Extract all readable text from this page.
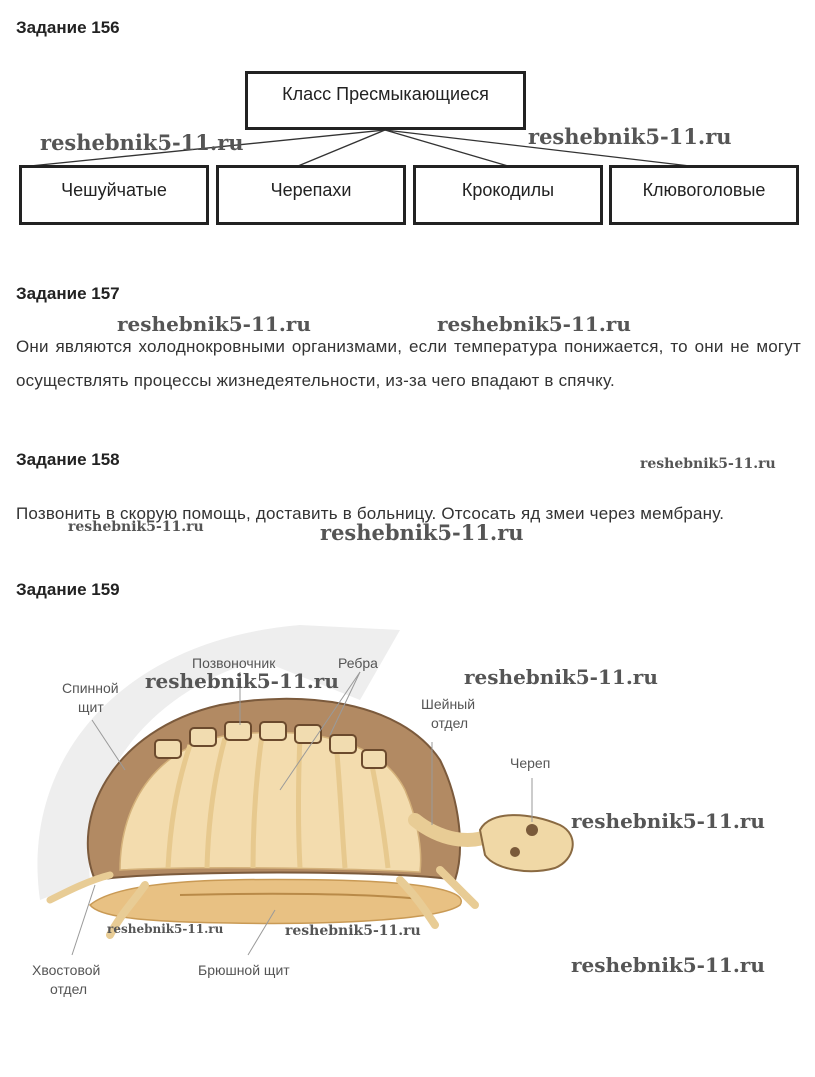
Задание 156
Класс Пресмыкающиеся
Чешуйчатые	Черепахи	Крокодилы	Клювоголовые
reshebnik5-11.ru	reshebnik5-11.ru
Задание 157
Они являются холоднокровными организмами, если температура понижается, то они не могут осуществлять процессы жизнедеятельности, из-за чего впадают в спячку.
reshebnik5-11.ru	reshebnik5-11.ru
Задание 158
Позвонить в скорую помощь, доставить в больницу. Отсосать яд змеи через мембрану.
reshebnik5-11.ru
reshebnik5-11.ru	reshebnik5-11.ru
Задание 159
Позвоночник	Ребра
Спинной
щит	Шейный
отдел
Череп
Хвостовой
отдел
Брюшной щит
reshebnik5-11.ru	reshebnik5-11.ru
reshebnik5-11.ru
reshebnik5-11.ru	reshebnik5-11.ru
reshebnik5-11.ru
